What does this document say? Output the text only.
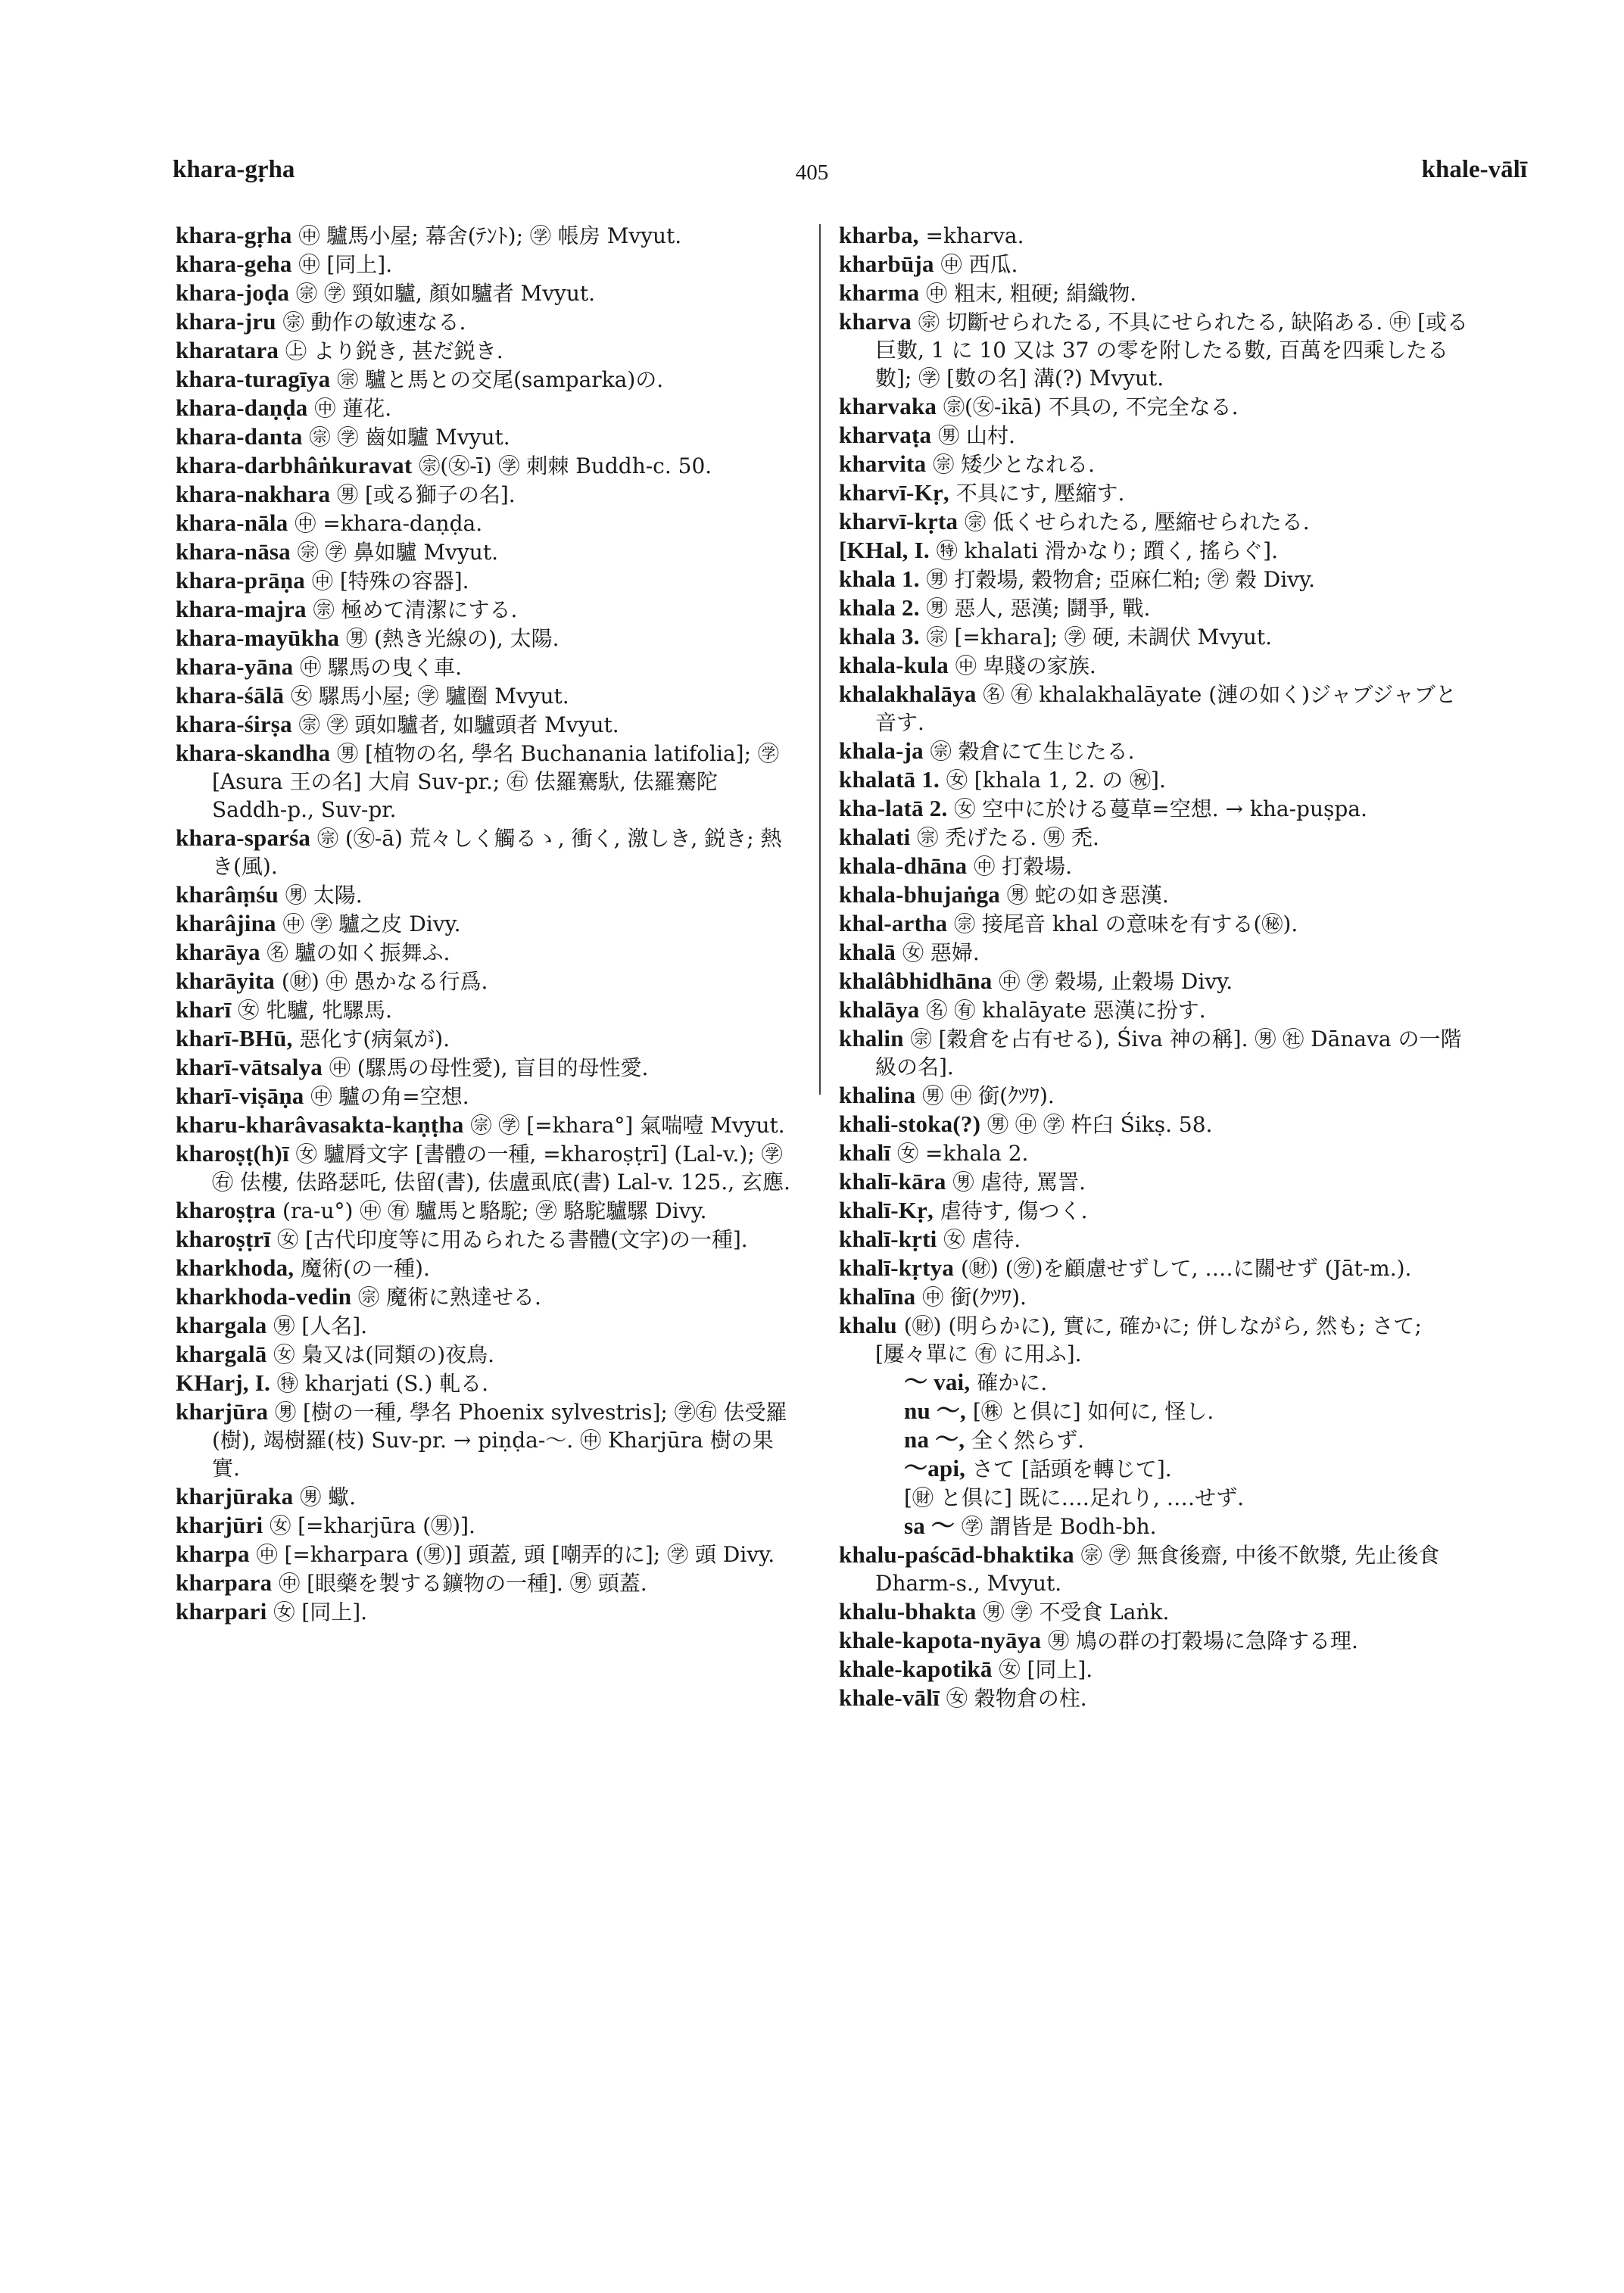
khara-gṛha	405	khale-vālī

khara-gṛha ㊥ 驢馬小屋; 幕舍(ﾃﾝﾄ); ㊫ 帳房 Mvyut.

khara-geha ㊥ [同上].

khara-joḍa ㊪ ㊫ 頸如驢, 顏如驢者 Mvyut.

khara-jru ㊪ 動作の敏速なる.

kharatara ㊤ より鋭き, 甚だ鋭き.

khara-turagīya ㊪ 驢と馬との交尾(samparka)の.

khara-daṇḍa ㊥ 蓮花.

khara-danta ㊪ ㊫ 齒如驢 Mvyut.

khara-darbhâṅkuravat ㊪(㊛-ī) ㊫ 刺棘 Buddh-c. 50.

khara-nakhara ㊚ [或る獅子の名].

khara-nāla ㊥ =khara-daṇḍa.

khara-nāsa ㊪ ㊫ 鼻如驢 Mvyut.

khara-prāṇa ㊥ [特殊の容器].

khara-majra ㊪ 極めて清潔にする.

khara-mayūkha ㊚ (熱き光線の), 太陽.

khara-yāna ㊥ 騾馬の曳く車.

khara-śālā ㊛ 騾馬小屋; ㊫ 驢圈 Mvyut.

khara-śirṣa ㊪ ㊫ 頭如驢者, 如驢頭者 Mvyut.

khara-skandha ㊚ [植物の名, 學名 Buchanania latifolia]; ㊫ [Asura 王の名] 大肩 Suv-pr.; ㊨ 佉羅騫馱, 佉羅騫陀 Saddh-p., Suv-pr.

khara-sparśa ㊪ (㊛-ā) 荒々しく觸るゝ, 衝く, 激しき, 鋭き; 熱き(風).

kharâṃśu ㊚ 太陽.

kharâjina ㊥ ㊫ 驢之皮 Divy.

kharāya ㊔ 驢の如く振舞ふ.

kharāyita (㊖) ㊥ 愚かなる行爲.

kharī ㊛ 牝驢, 牝騾馬.

kharī-BHū, 惡化す(病氣が).

kharī-vātsalya ㊥ (騾馬の母性愛), 盲目的母性愛.

kharī-viṣāṇa ㊥ 驢の角=空想.

kharu-kharâvasakta-kaṇṭha ㊪ ㊫ [=khara°] 氣喘噎 Mvyut.

kharoṣṭ(h)ī ㊛ 驢脣文字 [書體の一種, =kharoṣṭrī] (Lal-v.); ㊫㊨ 佉樓, 佉路瑟吒, 佉留(書), 佉盧虱底(書) Lal-v. 125., 玄應.

kharoṣṭra (ra-u°) ㊥ ㊒ 驢馬と駱駝; ㊫ 駱駝驢騾 Divy.

kharoṣṭrī ㊛ [古代印度等に用ゐられたる書體(文字)の一種].

kharkhoda, 魔術(の一種).

kharkhoda-vedin ㊪ 魔術に熟達せる.

khargala ㊚ [人名].

khargalā ㊛ 梟又は(同類の)夜鳥.

KHarj, I. ㊕ kharjati (S.) 軋る.

kharjūra ㊚ [樹の一種, 學名 Phoenix sylvestris]; ㊫㊨ 佉受羅(樹), 竭樹羅(枝) Suv-pr. → piṇḍa-〜. ㊥ Kharjūra 樹の果實.

kharjūraka ㊚ 蠍.

kharjūri ㊛ [=kharjūra (㊚)].

kharpa ㊥ [=kharpara (㊚)] 頭蓋, 頭 [嘲弄的に]; ㊫ 頭 Divy.

kharpara ㊥ [眼藥を製する鑛物の一種]. ㊚ 頭蓋.

kharpari ㊛ [同上].

kharba, =kharva.

kharbūja ㊥ 西瓜.

kharma ㊥ 粗末, 粗硬; 絹織物.

kharva ㊪ 切斷せられたる, 不具にせられたる, 缺陷ある. ㊥ [或る巨數, 1 に 10 又は 37 の零を附したる數, 百萬を四乘したる數]; ㊫ [數の名] 溝(?) Mvyut.

kharvaka ㊪(㊛-ikā) 不具の, 不完全なる.

kharvaṭa ㊚ 山村.

kharvita ㊪ 矮少となれる.

kharvī-Kṛ, 不具にす, 壓縮す.

kharvī-kṛta ㊪ 低くせられたる, 壓縮せられたる.

[KHal, I. ㊕ khalati 滑かなり; 躓く, 搖らぐ].

khala 1. ㊚ 打穀場, 穀物倉; 亞麻仁粕; ㊫ 穀 Divy.

khala 2. ㊚ 惡人, 惡漢; 鬪爭, 戰.

khala 3. ㊪ [=khara]; ㊫ 硬, 未調伏 Mvyut.

khala-kula ㊥ 卑賤の家族.

khalakhalāya ㊔ ㊒ khalakhalāyate (漣の如く)ジャブジャブと音す.

khala-ja ㊪ 穀倉にて生じたる.

khalatā 1. ㊛ [khala 1, 2. の ㊗].

kha-latā 2. ㊛ 空中に於ける蔓草=空想. → kha-puṣpa.

khalati ㊪ 禿げたる. ㊚ 禿.

khala-dhāna ㊥ 打穀場.

khala-bhujaṅga ㊚ 蛇の如き惡漢.

khal-artha ㊪ 接尾音 khal の意味を有する(㊙).

khalā ㊛ 惡婦.

khalâbhidhāna ㊥ ㊫ 穀場, 止穀場 Divy.

khalāya ㊔ ㊒ khalāyate 惡漢に扮す.

khalin ㊪ [穀倉を占有せる), Śiva 神の稱]. ㊚ ㊓ Dānava の一階級の名].

khalina ㊚ ㊥ 銜(ｸﾂﾜ).

khali-stoka(?) ㊚ ㊥ ㊫ 杵臼 Śikṣ. 58.

khalī ㊛ =khala 2.

khalī-kāra ㊚ 虐待, 罵詈.

khalī-Kṛ, 虐待す, 傷つく.

khalī-kṛti ㊛ 虐待.

khalī-kṛtya (㊖) (㊘)を顧慮せずして, ‥‥に關せず (Jāt-m.).

khalīna ㊥ 銜(ｸﾂﾜ).

khalu (㊖) (明らかに), 實に, 確かに; 併しながら, 然も; さて; [屢々單に ㊒ に用ふ].

〜 vai, 確かに.

nu 〜, [㊑ と倶に] 如何に, 怪し.

na 〜, 全く然らず.

〜api, さて [話頭を轉じて].

[㊖ と倶に] 既に‥‥足れり, ‥‥せず.

sa 〜 ㊫ 謂皆是 Bodh-bh.

khalu-paścād-bhaktika ㊪ ㊫ 無食後齋, 中後不飲漿, 先止後食 Dharm-s., Mvyut.

khalu-bhakta ㊚ ㊫ 不受食 Laṅk.

khale-kapota-nyāya ㊚ 鳩の群の打穀場に急降する理.

khale-kapotikā ㊛ [同上].

khale-vālī ㊛ 穀物倉の柱.
